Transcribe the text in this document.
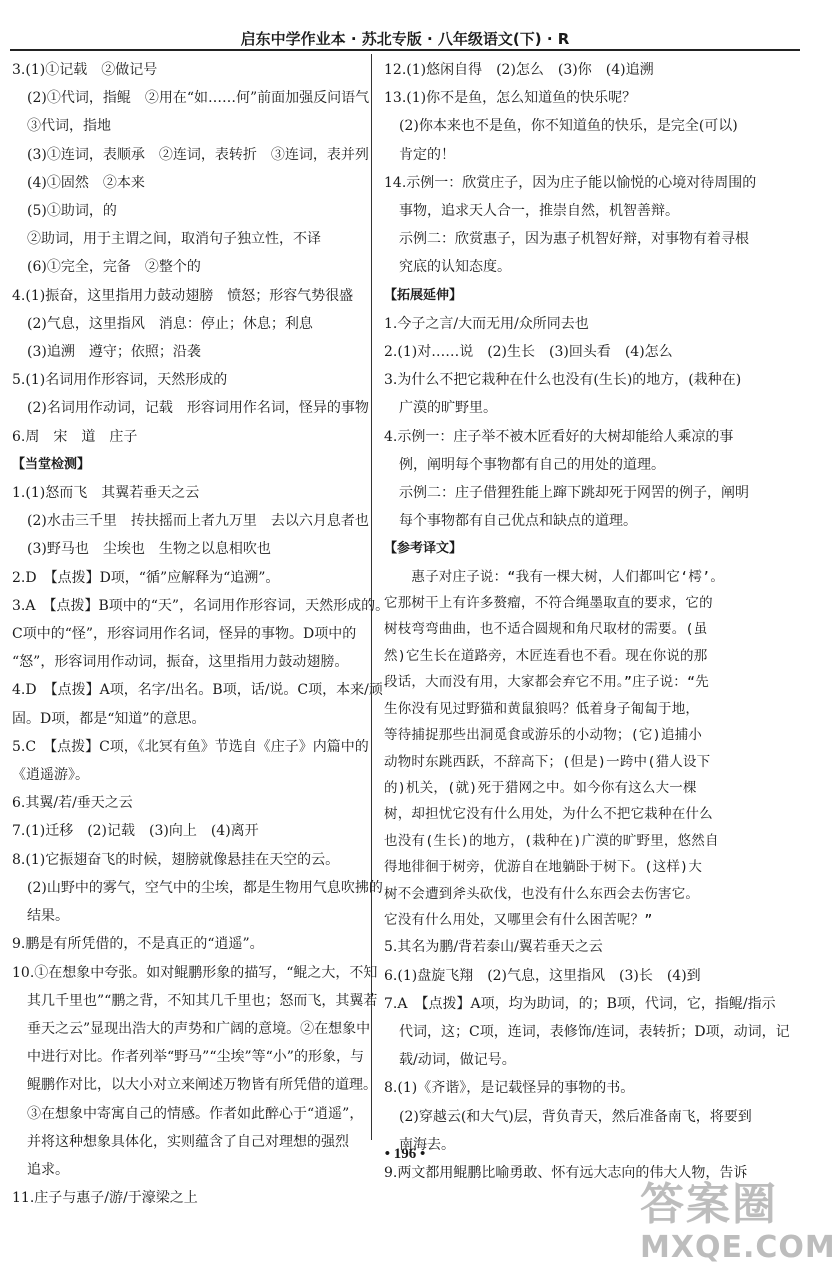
启东中学作业本 · 苏北专版 · 八年级语文(下) · R
3.(1)①记载　②做记号
(2)①代词，指鲲　②用在“如……何”前面加强反问语气
③代词，指地
(3)①连词，表顺承　②连词，表转折　③连词，表并列
(4)①固然　②本来
(5)①助词，的
②助词，用于主谓之间，取消句子独立性，不译
(6)①完全，完备　②整个的
4.(1)振奋，这里指用力鼓动翅膀　愤怒；形容气势很盛
(2)气息，这里指风　消息：停止；休息；利息
(3)追溯　遵守；依照；沿袭
5.(1)名词用作形容词，天然形成的
(2)名词用作动词，记载　形容词用作名词，怪异的事物
6.周　宋　道　庄子
【当堂检测】
1.(1)怒而飞　其翼若垂天之云
(2)水击三千里　抟扶摇而上者九万里　去以六月息者也
(3)野马也　尘埃也　生物之以息相吹也
2.D　【点拨】D项，“循”应解释为“追溯”。
3.A　【点拨】B项中的“天”，名词用作形容词，天然形成的。
C项中的“怪”，形容词用作名词，怪异的事物。D项中的
“怒”，形容词用作动词，振奋，这里指用力鼓动翅膀。
4.D　【点拨】A项，名字/出名。B项，话/说。C项，本来/顽
固。D项，都是“知道”的意思。
5.C　【点拨】C项，《北冥有鱼》节选自《庄子》内篇中的
《逍遥游》。
6.其翼/若/垂天之云
7.(1)迁移　(2)记载　(3)向上　(4)离开
8.(1)它振翅奋飞的时候，翅膀就像悬挂在天空的云。
(2)山野中的雾气，空气中的尘埃，都是生物用气息吹拂的
结果。
9.鹏是有所凭借的，不是真正的“逍遥”。
10.①在想象中夸张。如对鲲鹏形象的描写，“鲲之大，不知
其几千里也”“鹏之背，不知其几千里也；怒而飞，其翼若
垂天之云”显现出浩大的声势和广阔的意境。②在想象中
中进行对比。作者列举“野马”“尘埃”等“小”的形象，与
鲲鹏作对比，以大小对立来阐述万物皆有所凭借的道理。
③在想象中寄寓自己的情感。作者如此醉心于“逍遥”，
并将这种想象具体化，实则蕴含了自己对理想的强烈
追求。
11.庄子与惠子/游/于濠梁之上
12.(1)悠闲自得　(2)怎么　(3)你　(4)追溯
13.(1)你不是鱼，怎么知道鱼的快乐呢？
(2)你本来也不是鱼，你不知道鱼的快乐，是完全(可以)
肯定的！
14.示例一：欣赏庄子，因为庄子能以愉悦的心境对待周围的
事物，追求天人合一，推崇自然，机智善辩。
示例二：欣赏惠子，因为惠子机智好辩，对事物有着寻根
究底的认知态度。
【拓展延伸】
1.今子之言/大而无用/众所同去也
2.(1)对……说　(2)生长　(3)回头看　(4)怎么
3.为什么不把它栽种在什么也没有(生长)的地方，(栽种在)
广漠的旷野里。
4.示例一：庄子举不被木匠看好的大树却能给人乘凉的事
例，阐明每个事物都有自己的用处的道理。
示例二：庄子借狸狌能上蹿下跳却死于网罟的例子，阐明
每个事物都有自己优点和缺点的道理。
【参考译文】
　　惠子对庄子说：“我有一棵大树，人们都叫它‘樗’。
它那树干上有许多赘瘤，不符合绳墨取直的要求，它的
树枝弯弯曲曲，也不适合圆规和角尺取材的需要。(虽
然)它生长在道路旁，木匠连看也不看。现在你说的那
段话，大而没有用，大家都会弃它不用。”庄子说：“先
生你没有见过野猫和黄鼠狼吗？低着身子匍匐于地，
等待捕捉那些出洞觅食或游乐的小动物；(它)追捕小
动物时东跳西跃，不辞高下；(但是)一跨中(猎人设下
的)机关，(就)死于猎网之中。如今你有这么大一棵
树，却担忧它没有什么用处，为什么不把它栽种在什么
也没有(生长)的地方，(栽种在)广漠的旷野里，悠然自
得地徘徊于树旁，优游自在地躺卧于树下。(这样)大
树不会遭到斧头砍伐，也没有什么东西会去伤害它。
它没有什么用处，又哪里会有什么困苦呢？”
5.其名为鹏/背若泰山/翼若垂天之云
6.(1)盘旋飞翔　(2)气息，这里指风　(3)长　(4)到
7.A　【点拨】A项，均为助词，的；B项，代词，它，指鲲/指示
代词，这；C项，连词，表修饰/连词，表转折；D项，动词，记
载/动词，做记号。
8.(1)《齐谐》，是记载怪异的事物的书。
(2)穿越云(和大气)层，背负青天，然后准备南飞，将要到
南海去。
9.两文都用鲲鹏比喻勇敢、怀有远大志向的伟大人物，告诉
• 196 •
答案圈
MXQE.COM
